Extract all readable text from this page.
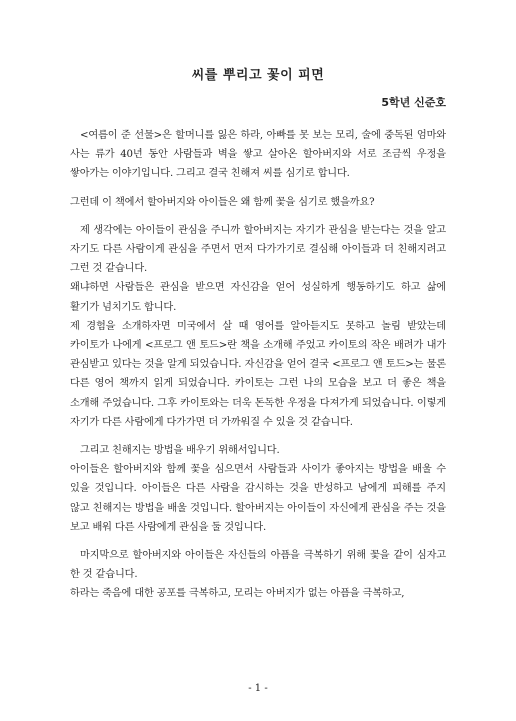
씨를 뿌리고 꽃이 피면
5학년 신준호

<여름이 준 선물>은 할머니를 잃은 하라, 아빠를 못 보는 모리, 술에 중독된 엄마와 사는 류가 40년 동안 사람들과 벽을 쌓고 살아온 할아버지와 서로 조금씩 우정을 쌓아가는 이야기입니다. 그리고 결국 친해져 씨를 심기로 합니다.

그런데 이 책에서 할아버지와 아이들은 왜 함께 꽃을 심기로 했을까요?

제 생각에는 아이들이 관심을 주니까 할아버지는 자기가 관심을 받는다는 것을 알고 자기도 다른 사람이게 관심을 주면서 먼저 다가가기로 결심해 아이들과 더 친해지려고 그런 것 같습니다.

왜냐하면 사람들은 관심을 받으면 자신감을 얻어 성실하게 행동하기도 하고 삶에 활기가 넘치기도 합니다.

제 경험을 소개하자면 미국에서 살 때 영어를 알아듣지도 못하고 놀림 받았는데 카이토가 나에게 <프로그 앤 토드>란 책을 소개해 주었고 카이토의 작은 배려가 내가 관심받고 있다는 것을 알게 되었습니다. 자신감을 얻어 결국 <프로그 앤 토드>는 물론 다른 영어 책까지 읽게 되었습니다. 카이토는 그런 나의 모습을 보고 더 좋은 책을 소개해 주었습니다. 그후 카이토와는 더욱 돈독한 우정을 다져가게 되었습니다. 이렇게 자기가 다른 사람에게 다가가면 더 가까워질 수 있을 것 같습니다.

그리고 친해지는 방법을 배우기 위해서입니다.

아이들은 할아버지와 함께 꽃을 심으면서 사람들과 사이가 좋아지는 방법을 배울 수 있을 것입니다. 아이들은 다른 사람을 감시하는 것을 반성하고 남에게 피해를 주지 않고 친해지는 방법을 배울 것입니다. 할아버지는 아이들이 자신에게 관심을 주는 것을 보고 배워 다른 사람에게 관심을 둘 것입니다.

마지막으로 할아버지와 아이들은 자신들의 아픔을 극복하기 위해 꽃을 같이 심자고 한 것 같습니다.

하라는 죽음에 대한 공포를 극복하고, 모리는 아버지가 없는 아픔을 극복하고,

- 1 -
